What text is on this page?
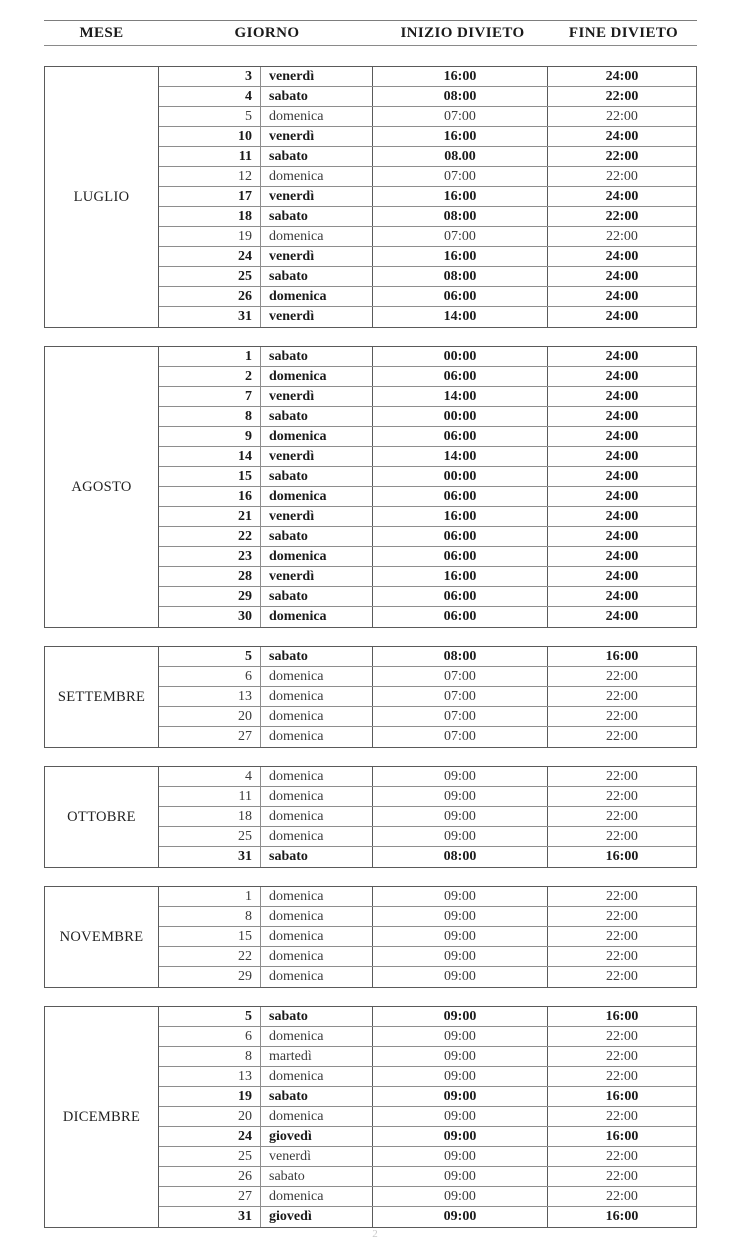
MESE	GIORNO	INIZIO DIVIETO	FINE DIVIETO
LUGLIO
3	venerdì	16:00	24:00
4	sabato	08:00	22:00
5	domenica	07:00	22:00
10	venerdì	16:00	24:00
11	sabato	08.00	22:00
12	domenica	07:00	22:00
17	venerdì	16:00	24:00
18	sabato	08:00	22:00
19	domenica	07:00	22:00
24	venerdì	16:00	24:00
25	sabato	08:00	24:00
26	domenica	06:00	24:00
31	venerdì	14:00	24:00
AGOSTO
1	sabato	00:00	24:00
2	domenica	06:00	24:00
7	venerdì	14:00	24:00
8	sabato	00:00	24:00
9	domenica	06:00	24:00
14	venerdì	14:00	24:00
15	sabato	00:00	24:00
16	domenica	06:00	24:00
21	venerdì	16:00	24:00
22	sabato	06:00	24:00
23	domenica	06:00	24:00
28	venerdì	16:00	24:00
29	sabato	06:00	24:00
30	domenica	06:00	24:00
SETTEMBRE
5	sabato	08:00	16:00
6	domenica	07:00	22:00
13	domenica	07:00	22:00
20	domenica	07:00	22:00
27	domenica	07:00	22:00
OTTOBRE
4	domenica	09:00	22:00
11	domenica	09:00	22:00
18	domenica	09:00	22:00
25	domenica	09:00	22:00
31	sabato	08:00	16:00
NOVEMBRE
1	domenica	09:00	22:00
8	domenica	09:00	22:00
15	domenica	09:00	22:00
22	domenica	09:00	22:00
29	domenica	09:00	22:00
DICEMBRE
5	sabato	09:00	16:00
6	domenica	09:00	22:00
8	martedì	09:00	22:00
13	domenica	09:00	22:00
19	sabato	09:00	16:00
20	domenica	09:00	22:00
24	giovedì	09:00	16:00
25	venerdì	09:00	22:00
26	sabato	09:00	22:00
27	domenica	09:00	22:00
31	giovedì	09:00	16:00
2
